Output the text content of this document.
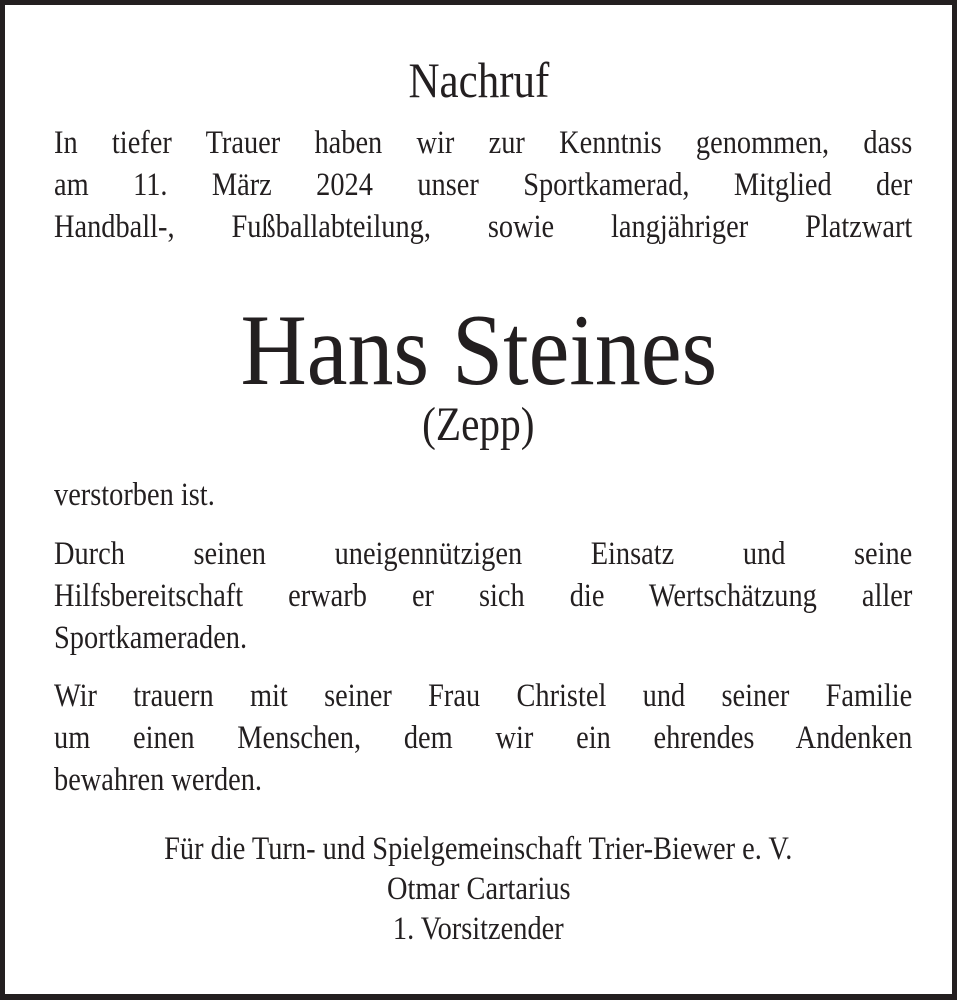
Nachruf
In tiefer Trauer haben wir zur Kenntnis genommen, dass
am 11. März 2024 unser Sportkamerad, Mitglied der
Handball-, Fußballabteilung, sowie langjähriger Platzwart
Hans Steines
(Zepp)
verstorben ist.
Durch seinen uneigennützigen Einsatz und seine
Hilfsbereitschaft erwarb er sich die Wertschätzung aller
Sportkameraden.
Wir trauern mit seiner Frau Christel und seiner Familie
um einen Menschen, dem wir ein ehrendes Andenken
bewahren werden.
Für die Turn- und Spielgemeinschaft Trier-Biewer e. V.
Otmar Cartarius
1. Vorsitzender
